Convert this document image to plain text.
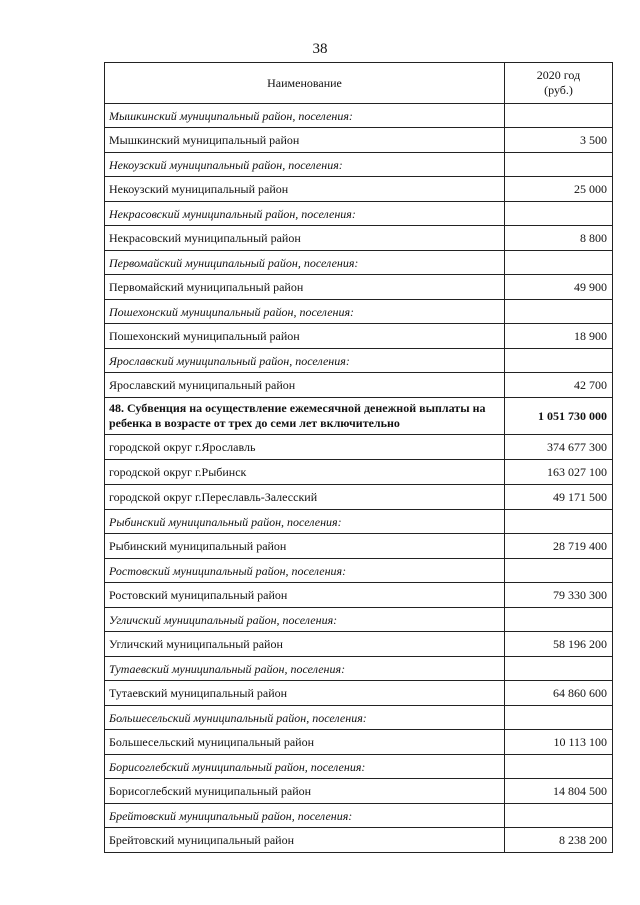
38
Наименование	2020 год
(руб.)
Мышкинский муниципальный район, поселения:	
Мышкинский муниципальный район	3 500
Некоузский муниципальный район, поселения:	
Некоузский муниципальный район	25 000
Некрасовский муниципальный район, поселения:	
Некрасовский муниципальный район	8 800
Первомайский муниципальный район, поселения:	
Первомайский муниципальный район	49 900
Пошехонский муниципальный район, поселения:	
Пошехонский муниципальный район	18 900
Ярославский муниципальный район, поселения:	
Ярославский муниципальный район	42 700
48. Субвенция на осуществление ежемесячной денежной выплаты на ребенка в возрасте от трех до семи лет включительно	1 051 730 000
городской округ г.Ярославль	374 677 300
городской округ г.Рыбинск	163 027 100
городской округ г.Переславль-Залесский	49 171 500
Рыбинский муниципальный район, поселения:	
Рыбинский муниципальный район	28 719 400
Ростовский муниципальный район, поселения:	
Ростовский муниципальный район	79 330 300
Угличский муниципальный район, поселения:	
Угличский муниципальный район	58 196 200
Тутаевский муниципальный район, поселения:	
Тутаевский муниципальный район	64 860 600
Большесельский муниципальный район, поселения:	
Большесельский муниципальный район	10 113 100
Борисоглебский муниципальный район, поселения:	
Борисоглебский муниципальный район	14 804 500
Брейтовский муниципальный район, поселения:	
Брейтовский муниципальный район	8 238 200
